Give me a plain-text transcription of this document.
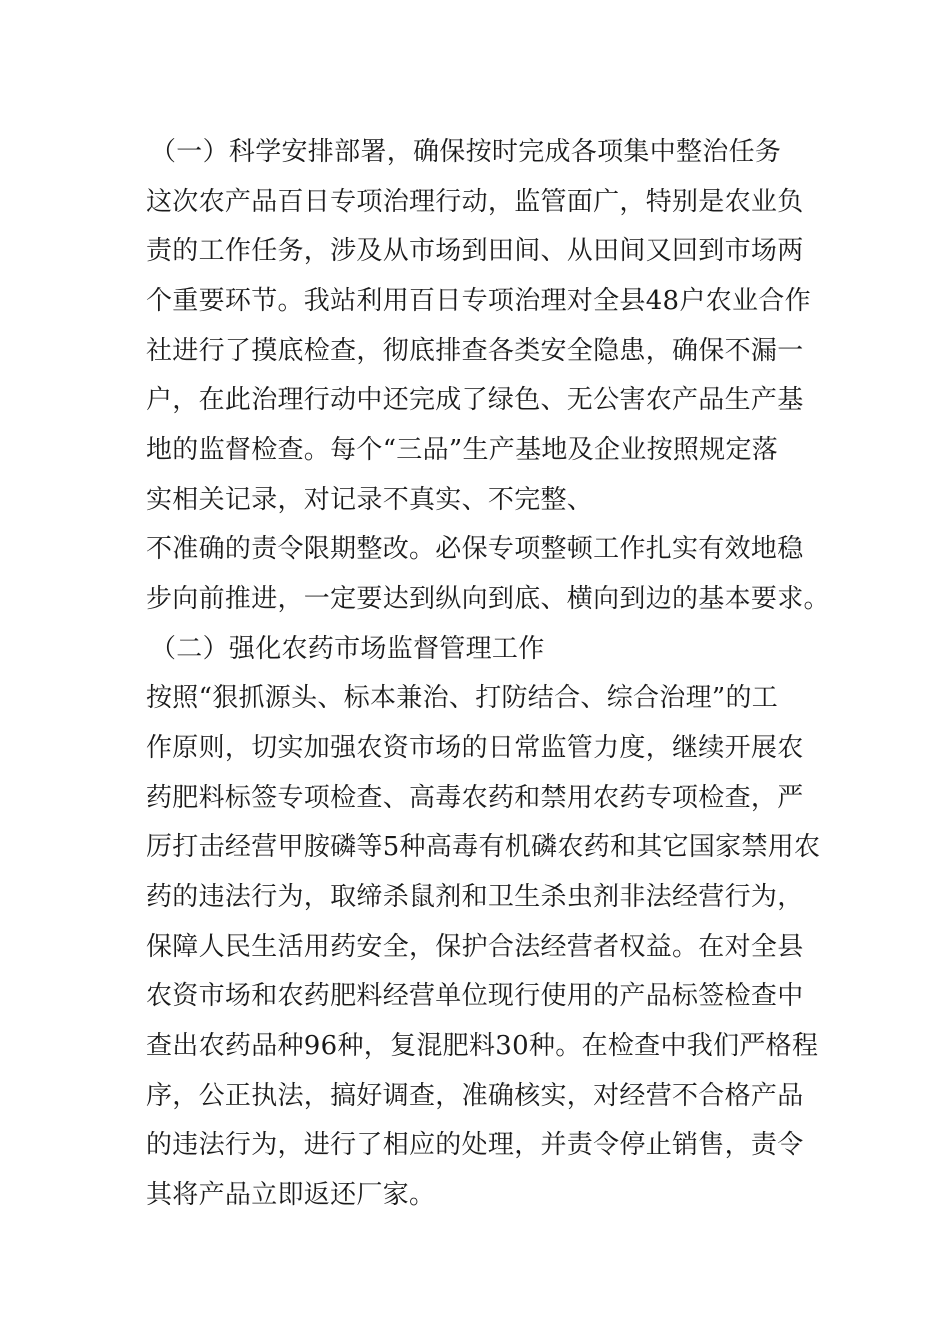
（一）科学安排部署，确保按时完成各项集中整治任务
这次农产品百日专项治理行动，监管面广，特别是农业负
责的工作任务，涉及从市场到田间、从田间又回到市场两
个重要环节。我站利用百日专项治理对全县48户农业合作
社进行了摸底检查，彻底排查各类安全隐患，确保不漏一
户，在此治理行动中还完成了绿色、无公害农产品生产基
地的监督检查。每个“三品”生产基地及企业按照规定落
实相关记录，对记录不真实、不完整、
不准确的责令限期整改。必保专项整顿工作扎实有效地稳
步向前推进，一定要达到纵向到底、横向到边的基本要求。
（二）强化农药市场监督管理工作
按照“狠抓源头、标本兼治、打防结合、综合治理”的工
作原则，切实加强农资市场的日常监管力度，继续开展农
药肥料标签专项检查、高毒农药和禁用农药专项检查，严
厉打击经营甲胺磷等5种高毒有机磷农药和其它国家禁用农
药的违法行为，取缔杀鼠剂和卫生杀虫剂非法经营行为，
保障人民生活用药安全，保护合法经营者权益。在对全县
农资市场和农药肥料经营单位现行使用的产品标签检查中
查出农药品种96种，复混肥料30种。在检查中我们严格程
序，公正执法，搞好调查，准确核实，对经营不合格产品
的违法行为，进行了相应的处理，并责令停止销售，责令
其将产品立即返还厂家。
